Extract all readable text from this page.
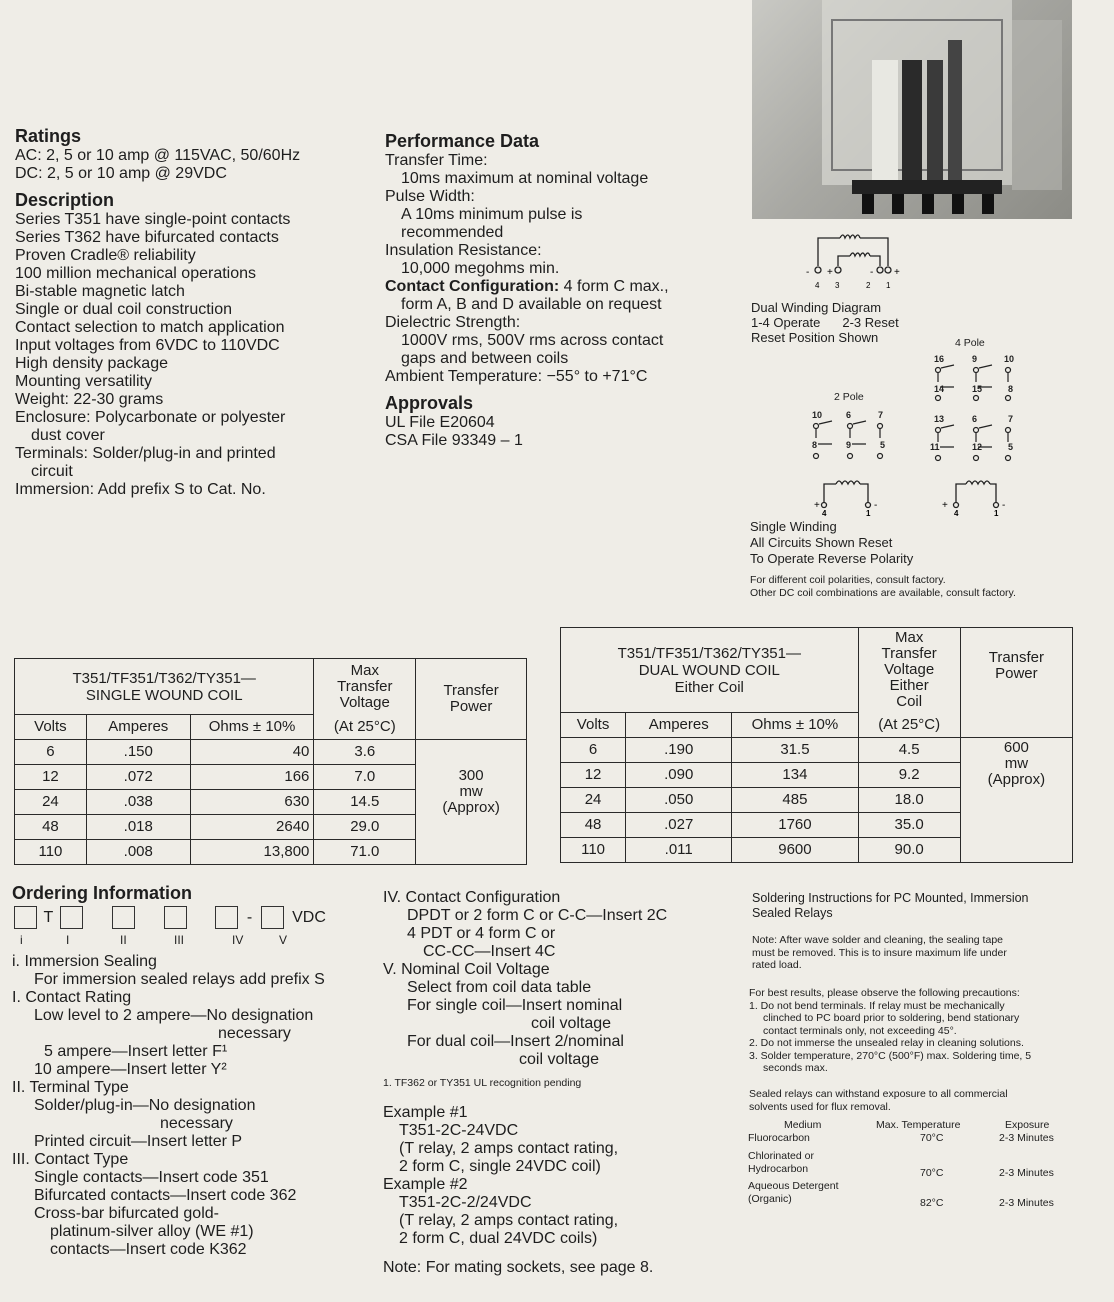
Ratings
AC: 2, 5 or 10 amp @ 115VAC, 50/60Hz
DC: 2, 5 or 10 amp @ 29VDC
Description
Series T351 have single-point contacts
Series T362 have bifurcated contacts
Proven Cradle® reliability
100 million mechanical operations
Bi-stable magnetic latch
Single or dual coil construction
Contact selection to match application
Input voltages from 6VDC to 110VDC
High density package
Mounting versatility
Weight: 22-30 grams
Enclosure: Polycarbonate or polyester
dust cover
Terminals: Solder/plug-in and printed
circuit
Immersion: Add prefix S to Cat. No.
Performance Data
Transfer Time:
10ms maximum at nominal voltage
Pulse Width:
A 10ms minimum pulse is
recommended
Insulation Resistance:
10,000 megohms min.
Contact Configuration: 4 form C max.,
form A, B and D available on request
Dielectric Strength:
1000V rms, 500V rms across contact
gaps and between coils
Ambient Temperature: −55° to +71°C
Approvals
UL File E20604
CSA File 93349 – 1
- +	- +
4 3	2 1
Dual Winding Diagram
1-4 Operate 2-3 Reset
Reset Position Shown	4 Pole
16	9	10
14	15	8
13	6	7
11	12	5
2 Pole
10	6	7
8	9	5
+	-
4	1
+	-
4	1
Single Winding
All Circuits Shown Reset
To Operate Reverse Polarity
For different coil polarities, consult factory.
Other DC coil combinations are available, consult factory.
T351/TF351/T362/TY351—
SINGLE WOUND COIL			Max
Transfer
Voltage	Transfer
Power

Volts	Amperes	Ohms ± 10%	(At 25°C)	
6	.150	40	3.6	300
mw
(Approx)

12	.072	166	7.0	
24	.038	630	14.5	
48	.018	2640	29.0	
110	.008	13,800	71.0	
T351/TF351/T362/TY351—
DUAL WOUND COIL
Either Coil			Max
Transfer
Voltage
Either
Coil	Transfer
Power

Volts	Amperes	Ohms ± 10%	(At 25°C)	
6	.190	31.5	4.5	600
mw
(Approx)

12	.090	134	9.2	
24	.050	485	18.0	
48	.027	1760	35.0	
110	.011	9600	90.0	
Ordering Information
T	- VDC
i	I	II	III	IV	V
i. Immersion Sealing
For immersion sealed relays add prefix S
I. Contact Rating
Low level to 2 ampere—No designation
necessary
5 ampere—Insert letter F¹
10 ampere—Insert letter Y²
II. Terminal Type
Solder/plug-in—No designation
necessary
Printed circuit—Insert letter P
III. Contact Type
Single contacts—Insert code 351
Bifurcated contacts—Insert code 362
Cross-bar bifurcated gold-
platinum-silver alloy (WE #1)
contacts—Insert code K362
IV. Contact Configuration
DPDT or 2 form C or C-C—Insert 2C
4 PDT or 4 form C or
CC-CC—Insert 4C
V. Nominal Coil Voltage
Select from coil data table
For single coil—Insert nominal
coil voltage
For dual coil—Insert 2/nominal
coil voltage
1. TF362 or TY351 UL recognition pending
Example #1
T351-2C-24VDC
(T relay, 2 amps contact rating,
2 form C, single 24VDC coil)
Example #2
T351-2C-2/24VDC
(T relay, 2 amps contact rating,
2 form C, dual 24VDC coils)
Note: For mating sockets, see page 8.
Soldering Instructions for PC Mounted, Immersion
Sealed Relays
Note: After wave solder and cleaning, the sealing tape
must be removed. This is to insure maximum life under
rated load.
For best results, please observe the following precautions:
1. Do not bend terminals. If relay must be mechanically
clinched to PC board prior to soldering, bend stationary
contact terminals only, not exceeding 45°.
2. Do not immerse the unsealed relay in cleaning solutions.
3. Solder temperature, 270°C (500°F) max. Soldering time, 5
seconds max.
Sealed relays can withstand exposure to all commercial
solvents used for flux removal.
Medium	Max. Temperature	Exposure
Fluorocarbon	70°C	2-3 Minutes
Chlorinated or
Hydrocarbon	70°C	2-3 Minutes
Aqueous Detergent
(Organic)	82°C	2-3 Minutes
